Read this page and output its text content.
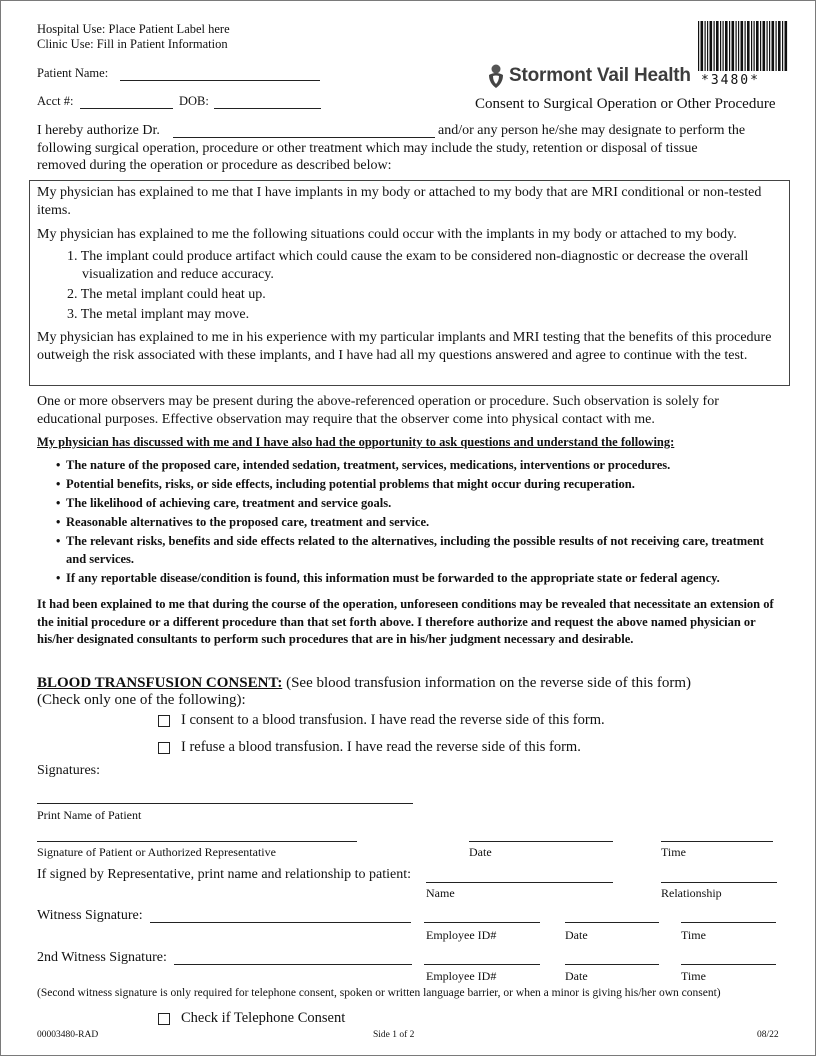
Hospital Use: Place Patient Label here
Clinic Use: Fill in Patient Information
Patient Name:
Acct #:	DOB:
*3480*
Stormont Vail Health
Consent to Surgical Operation or Other Procedure
I hereby authorize Dr.	and/or any person he/she may designate to perform the
following surgical operation, procedure or other treatment which may include the study, retention or disposal of tissue
removed during the operation or procedure as described below:
My physician has explained to me that I have implants in my body or attached to my body that are MRI conditional or non-tested items.
My physician has explained to me the following situations could occur with the implants in my body or attached to my body.
1. The implant could produce artifact which could cause the exam to be considered non-diagnostic or decrease the overall visualization and reduce accuracy.
2. The metal implant could heat up.
3. The metal implant may move.
My physician has explained to me in his experience with my particular implants and MRI testing that the benefits of this procedure outweigh the risk associated with these implants, and I have had all my questions answered and agree to continue with the test.
One or more observers may be present during the above-referenced operation or procedure. Such observation is solely for educational purposes. Effective observation may require that the observer come into physical contact with me.
My physician has discussed with me and I have also had the opportunity to ask questions and understand the following:
• The nature of the proposed care, intended sedation, treatment, services, medications, interventions or procedures.
• Potential benefits, risks, or side effects, including potential problems that might occur during recuperation.
• The likelihood of achieving care, treatment and service goals.
• Reasonable alternatives to the proposed care, treatment and service.
• The relevant risks, benefits and side effects related to the alternatives, including the possible results of not receiving care, treatment and services.
• If any reportable disease/condition is found, this information must be forwarded to the appropriate state or federal agency.
It had been explained to me that during the course of the operation, unforeseen conditions may be revealed that necessitate an extension of the initial procedure or a different procedure than that set forth above. I therefore authorize and request the above named physician or his/her designated consultants to perform such procedures that are in his/her judgment necessary and desirable.
BLOOD TRANSFUSION CONSENT: (See blood transfusion information on the reverse side of this form)
(Check only one of the following):
I consent to a blood transfusion. I have read the reverse side of this form.
I refuse a blood transfusion. I have read the reverse side of this form.
Signatures:
Print Name of Patient
Signature of Patient or Authorized Representative	Date	Time
If signed by Representative, print name and relationship to patient:
Name	Relationship
Witness Signature:
Employee ID#	Date	Time
2nd Witness Signature:
Employee ID#	Date	Time
(Second witness signature is only required for telephone consent, spoken or written language barrier, or when a minor is giving his/her own consent)
Check if Telephone Consent
00003480-RAD	Side 1 of 2	08/22
